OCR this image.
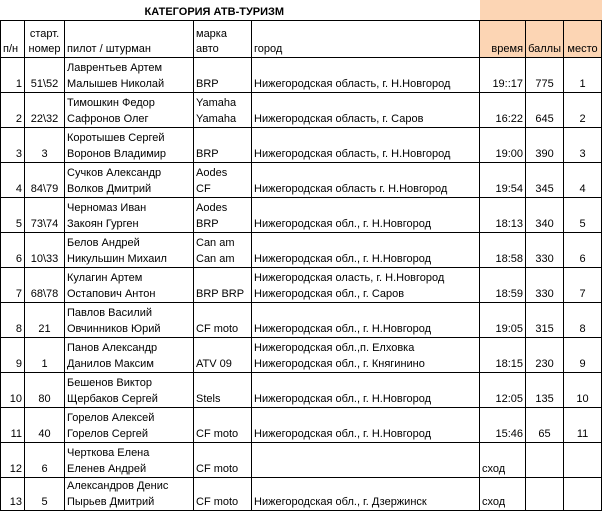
		КАТЕГОРИЯ АТВ-ТУРИЗМ					
п/н	старт.
номер	пилот / штурман	марка
авто	город	время	баллы	место
1	51\52	Лаврентьев Артем
Малышев Николай	BRP	Нижегородская область, г. Н.Новгород	19::17	775	1
2	22\32	Тимошкин Федор
Сафронов Олег	Yamaha
Yamaha	Нижегородская область, г. Саров	16:22	645	2
3	3	Коротышев Сергей
Воронов Владимир	BRP	Нижегородская область, г. Н.Новгород	19:00	390	3
4	84\79	Сучков Александр
Волков Дмитрий	Aodes
CF	Нижегородская область г. Н.Новгород	19:54	345	4
5	73\74	Черномаз Иван
Закоян Гурген	Aodes
BRP	Нижегородская обл., г. Н.Новгород	18:13	340	5
6	10\33	Белов Андрей
Никульшин Михаил	Can am
Can am	Нижегородская обл., г. Н.Новгород	18:58	330	6
7	68\78	Кулагин Артем
Остапович Антон	BRP BRP	Нижегородская оласть, г. Н.Новгород
Нижегородская обл., г. Саров	18:59	330	7
8	21	Павлов Василий
Овчинников Юрий	CF moto	Нижегородская обл., г. Н.Новгород	19:05	315	8
9	1	Панов Александр
Данилов Максим	ATV 09	Нижегородская обл.,п. Елховка
Нижегородская обл., г. Княгинино	18:15	230	9
10	80	Бешенов Виктор
Щербаков Сергей	Stels	Нижегородская обл., г. Н.Новгород	12:05	135	10
11	40	Горелов Алексей
Горелов Сергей	CF moto	Нижегородская обл., г. Н.Новгород	15:46	65	11
12	6	Черткова Елена
Еленев Андрей	CF moto		сход		
13	5	Александров Денис
Пырьев Дмитрий	CF moto	Нижегородская обл., г. Дзержинск	сход		
